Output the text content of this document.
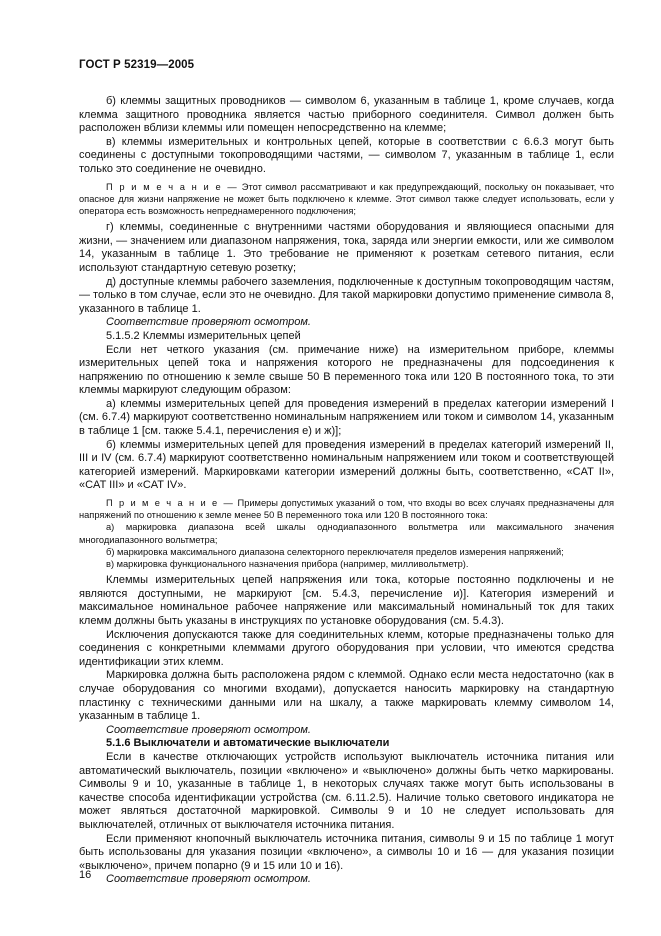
ГОСТ Р 52319—2005

б) клеммы защитных проводников — символом 6, указанным в таблице 1, кроме случаев, когда клемма защитного проводника является частью приборного соединителя. Символ должен быть расположен вблизи клеммы или помещен непосредственно на клемме;

в) клеммы измерительных и контрольных цепей, которые в соответствии с 6.6.3 могут быть соединены с доступными токопроводящими частями, — символом 7, указанным в таблице 1, если только это соединение не очевидно.

П р и м е ч а н и е — Этот символ рассматривают и как предупреждающий, поскольку он показывает, что опасное для жизни напряжение не может быть подключено к клемме. Этот символ также следует использовать, если у оператора есть возможность непреднамеренного подключения;

г) клеммы, соединенные с внутренними частями оборудования и являющиеся опасными для жизни, — значением или диапазоном напряжения, тока, заряда или энергии емкости, или же символом 14, указанным в таблице 1. Это требование не применяют к розеткам сетевого питания, если используют стандартную сетевую розетку;

д) доступные клеммы рабочего заземления, подключенные к доступным токопроводящим частям, — только в том случае, если это не очевидно. Для такой маркировки допустимо применение символа 8, указанного в таблице 1.

Соответствие проверяют осмотром.

5.1.5.2 Клеммы измерительных цепей

Если нет четкого указания (см. примечание ниже) на измерительном приборе, клеммы измерительных цепей тока и напряжения которого не предназначены для подсоединения к напряжению по отношению к земле свыше 50 В переменного тока или 120 В постоянного тока, то эти клеммы маркируют следующим образом:

а) клеммы измерительных цепей для проведения измерений в пределах категории измерений I (см. 6.7.4) маркируют соответственно номинальным напряжением или током и символом 14, указанным в таблице 1 [см. также 5.4.1, перечисления е) и ж)];

б) клеммы измерительных цепей для проведения измерений в пределах категорий измерений II, III и IV (см. 6.7.4) маркируют соответственно номинальным напряжением или током и соответствующей категорией измерений. Маркировками категории измерений должны быть, соответственно, «CAT II», «CAT III» и «CAT IV».

П р и м е ч а н и е — Примеры допустимых указаний о том, что входы во всех случаях предназначены для напряжений по отношению к земле менее 50 В переменного тока или 120 В постоянного тока:

а) маркировка диапазона всей шкалы однодиапазонного вольтметра или максимального значения многодиапазонного вольтметра;

б) маркировка максимального диапазона селекторного переключателя пределов измерения напряжений;

в) маркировка функционального назначения прибора (например, милливольтметр).

Клеммы измерительных цепей напряжения или тока, которые постоянно подключены и не являются доступными, не маркируют [см. 5.4.3, перечисление и)]. Категория измерений и максимальное номинальное рабочее напряжение или максимальный номинальный ток для таких клемм должны быть указаны в инструкциях по установке оборудования (см. 5.4.3).

Исключения допускаются также для соединительных клемм, которые предназначены только для соединения с конкретными клеммами другого оборудования при условии, что имеются средства идентификации этих клемм.

Маркировка должна быть расположена рядом с клеммой. Однако если места недостаточно (как в случае оборудования со многими входами), допускается наносить маркировку на стандартную пластинку с техническими данными или на шкалу, а также маркировать клемму символом 14, указанным в таблице 1.

Соответствие проверяют осмотром.

5.1.6 Выключатели и автоматические выключатели

Если в качестве отключающих устройств используют выключатель источника питания или автоматический выключатель, позиции «включено» и «выключено» должны быть четко маркированы. Символы 9 и 10, указанные в таблице 1, в некоторых случаях также могут быть использованы в качестве способа идентификации устройства (см. 6.11.2.5). Наличие только светового индикатора не может являться достаточной маркировкой. Символы 9 и 10 не следует использовать для выключателей, отличных от выключателя источника питания.

Если применяют кнопочный выключатель источника питания, символы 9 и 15 по таблице 1 могут быть использованы для указания позиции «включено», а символы 10 и 16 — для указания позиции «выключено», причем попарно (9 и 15 или 10 и 16).

Соответствие проверяют осмотром.

16
